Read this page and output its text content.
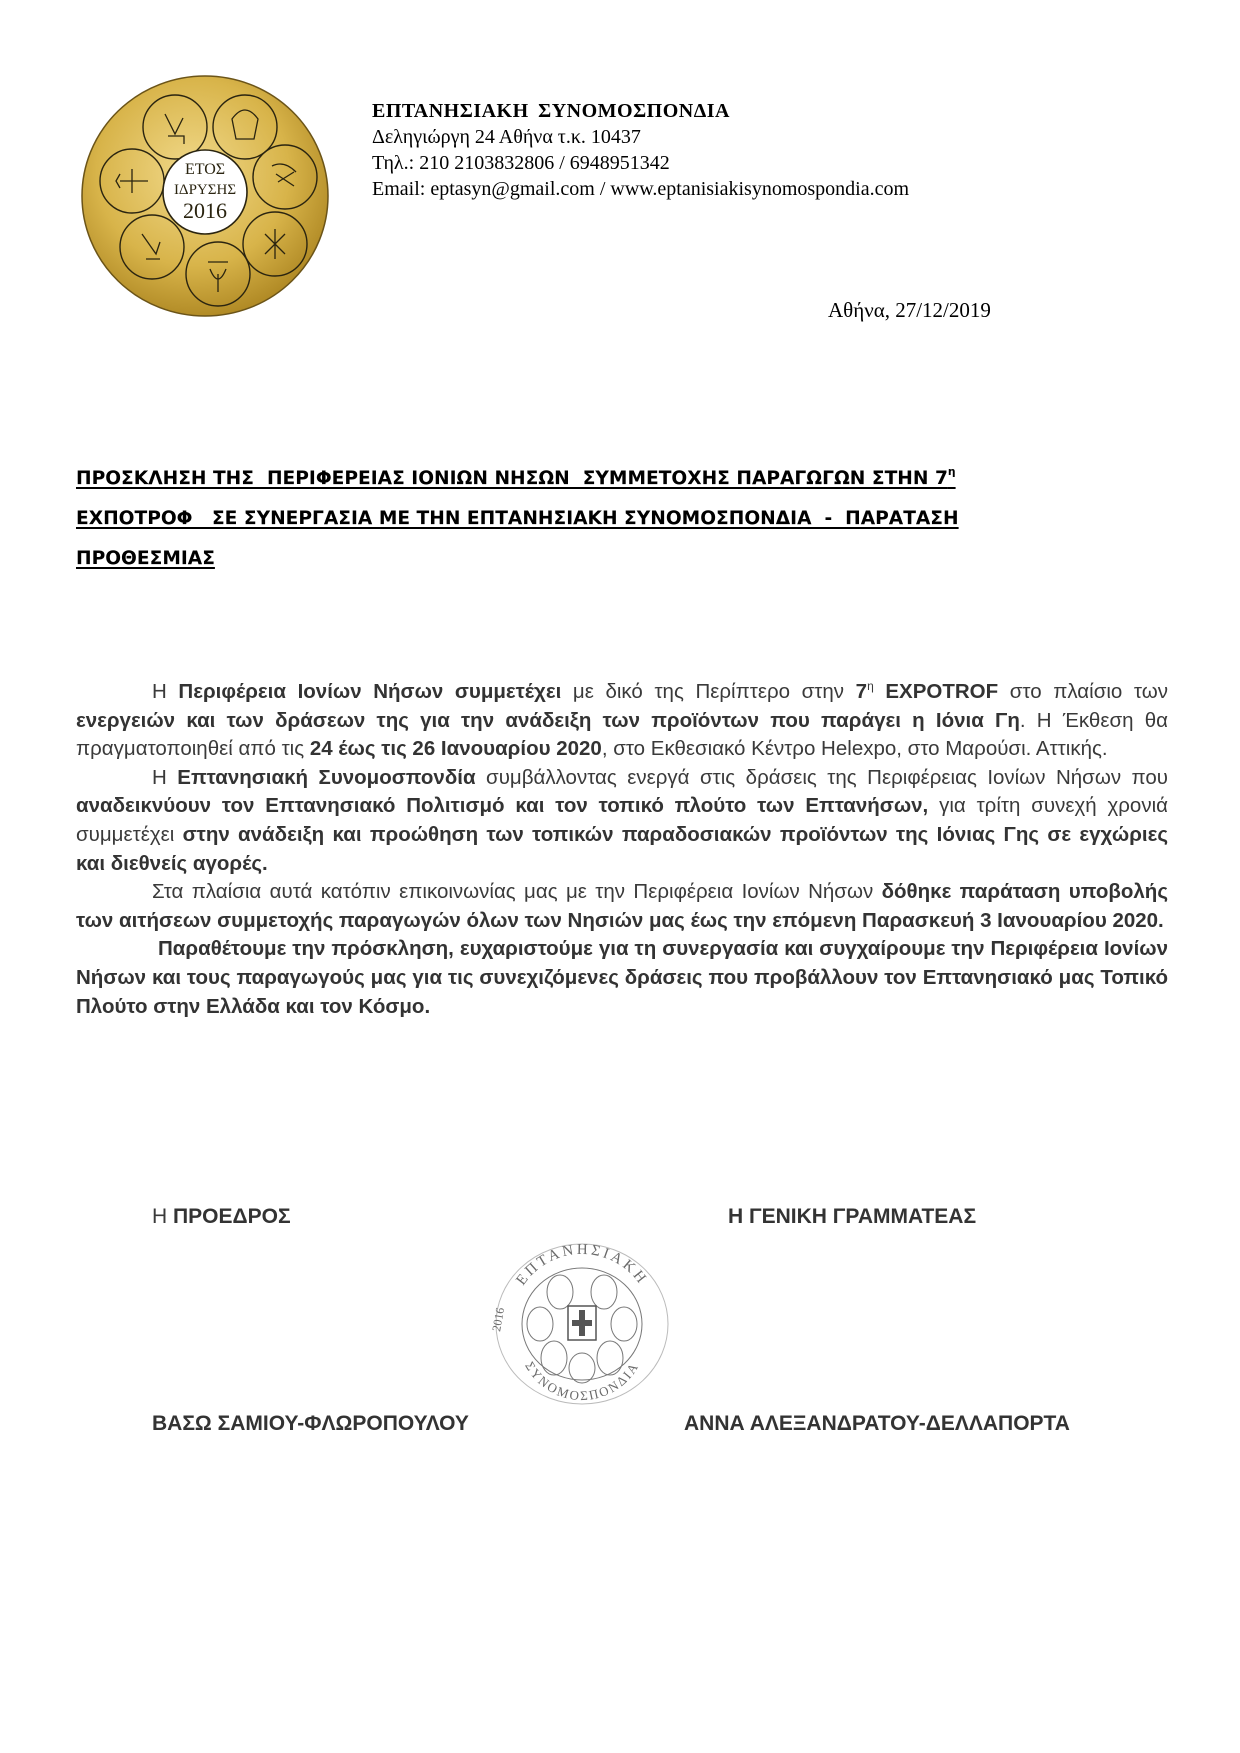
ΕΤΟΣ
ΙΔΡΥΣΗΣ
2016
ΕΠΤΑΝΗΣΙΑΚΗ ΣΥΝΟΜΟΣΠΟΝΔΙΑ
Δεληγιώργη 24 Αθήνα τ.κ. 10437
Τηλ.: 210 2103832806 / 6948951342
Email: eptasyn@gmail.com / www.eptanisiakisynomospondia.com
Αθήνα, 27/12/2019
ΠΡΟΣΚΛΗΣΗ ΤΗΣ  ΠΕΡΙΦΕΡΕΙΑΣ ΙΟΝΙΩΝ ΝΗΣΩΝ  ΣΥΜΜΕΤΟΧΗΣ ΠΑΡΑΓΩΓΩΝ ΣΤΗΝ $7^\eta$
ΕΧΠΟΤΡΟΦ   ΣΕ ΣΥΝΕΡΓΑΣΙΑ ΜΕ ΤΗΝ ΕΠΤΑΝΗΣΙΑΚΗ ΣΥΝΟΜΟΣΠΟΝΔΙΑ  -  ΠΑΡΑΤΑΣΗ
ΠΡΟΘΕΣΜΙΑΣ

Η Περιφέρεια Ιονίων Νήσων συμμετέχει με δικό της Περίπτερο στην $7^\eta$ EXPOTROF στο πλαίσιο των ενεργειών και των δράσεων της για την ανάδειξη των προϊόντων που παράγει η Ιόνια Γη. Η Έκθεση θα πραγματοποιηθεί από τις 24 έως τις 26 Ιανουαρίου 2020, στο Εκθεσιακό Κέντρο Helexpo, στο Μαρούσι. Αττικής.

Η Επτανησιακή Συνομοσπονδία συμβάλλοντας ενεργά στις δράσεις της Περιφέρειας Ιονίων Νήσων που αναδεικνύουν τον Επτανησιακό Πολιτισμό και τον τοπικό πλούτο των Επτανήσων, για τρίτη συνεχή χρονιά συμμετέχει στην ανάδειξη και προώθηση των τοπικών παραδοσιακών προϊόντων της Ιόνιας Γης σε εγχώριες και διεθνείς αγορές.

Στα πλαίσια αυτά κατόπιν επικοινωνίας μας με την Περιφέρεια Ιονίων Νήσων δόθηκε παράταση υποβολής των αιτήσεων συμμετοχής παραγωγών όλων των Νησιών μας έως την επόμενη Παρασκευή 3 Ιανουαρίου 2020.

Παραθέτουμε την πρόσκληση, ευχαριστούμε για τη συνεργασία και συγχαίρουμε την Περιφέρεια Ιονίων Νήσων και τους παραγωγούς μας για τις συνεχιζόμενες δράσεις που προβάλλουν τον Επτανησιακό μας Τοπικό Πλούτο στην Ελλάδα και τον Κόσμο.

Η ΠΡΟΕΔΡΟΣ	Η ΓΕΝΙΚΗ ΓΡΑΜΜΑΤΕΑΣ
ΕΠΤΑΝΗΣΙΑΚΗ
ΣΥΝΟΜΟΣΠΟΝΔΙΑ
2016
ΒΑΣΩ ΣΑΜΙΟΥ-ΦΛΩΡΟΠΟΥΛΟΥ	ΑΝΝΑ ΑΛΕΞΑΝΔΡΑΤΟΥ-ΔΕΛΛΑΠΟΡΤΑ
